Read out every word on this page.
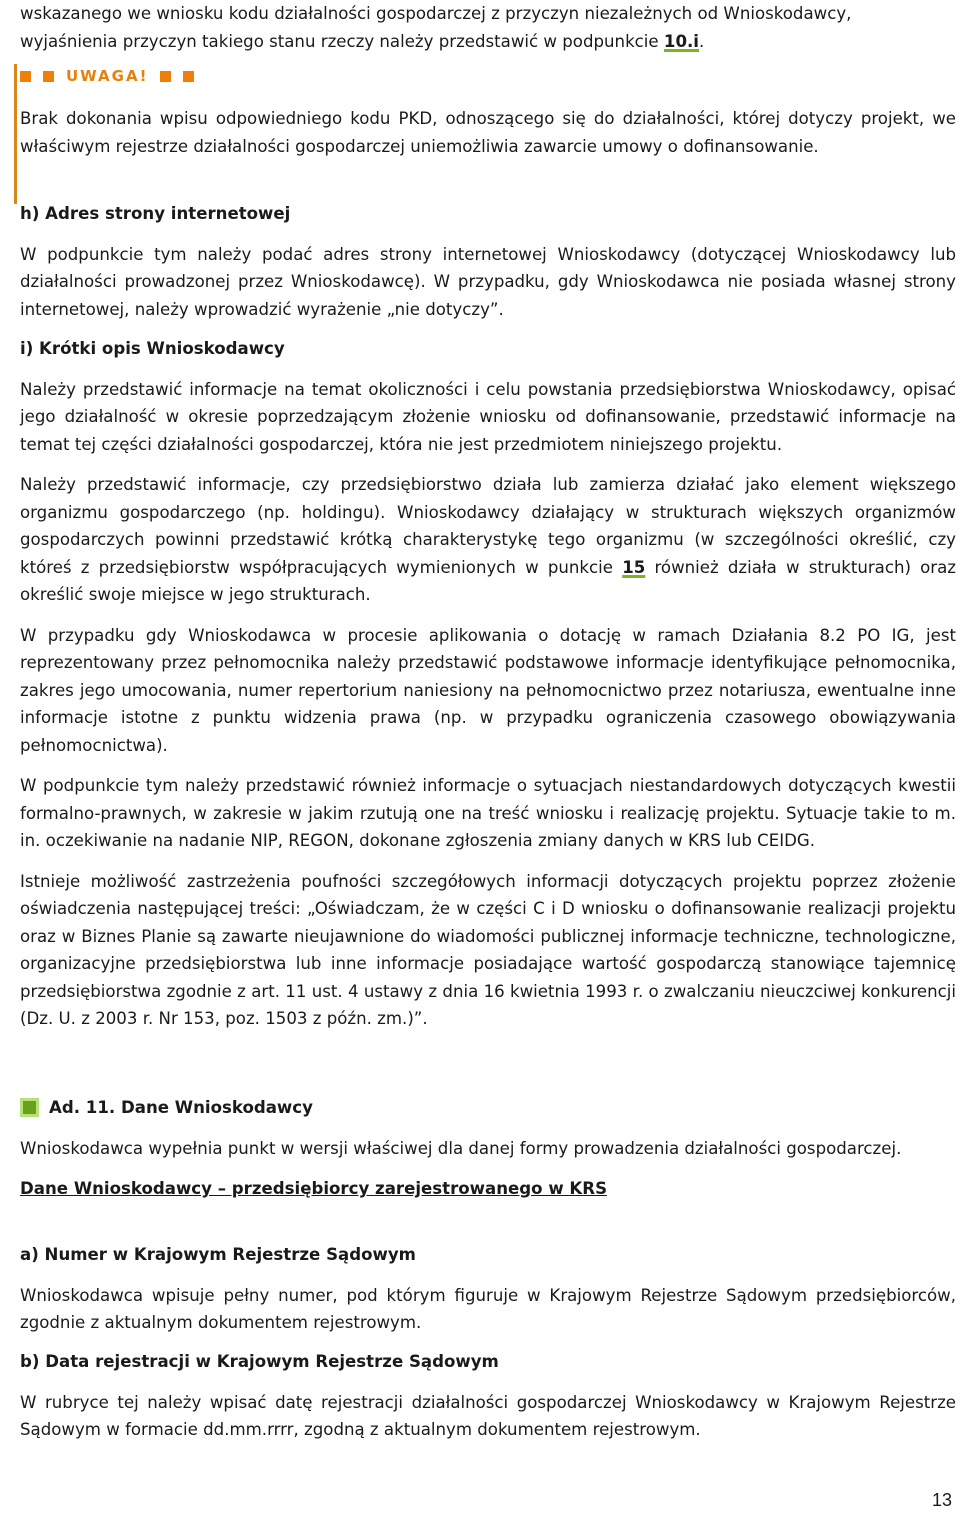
wskazanego we wniosku kodu działalności gospodarczej z przyczyn niezależnych od Wnioskodawcy,

wyjaśnienia przyczyn takiego stanu rzeczy należy przedstawić w podpunkcie 10.i.

UWAGA!

Brak dokonania wpisu odpowiedniego kodu PKD, odnoszącego się do działalności, której dotyczy projekt, we właściwym rejestrze działalności gospodarczej uniemożliwia zawarcie umowy o dofinansowanie.

h) Adres strony internetowej

W podpunkcie tym należy podać adres strony internetowej Wnioskodawcy (dotyczącej Wnioskodawcy lub działalności prowadzonej przez Wnioskodawcę). W przypadku, gdy Wnioskodawca nie posiada własnej strony internetowej, należy wprowadzić wyrażenie „nie dotyczy”.

i) Krótki opis Wnioskodawcy

Należy przedstawić informacje na temat okoliczności i celu powstania przedsiębiorstwa Wnioskodawcy, opisać jego działalność w okresie poprzedzającym złożenie wniosku od dofinansowanie, przedstawić informacje na temat tej części działalności gospodarczej, która nie jest przedmiotem niniejszego projektu.

Należy przedstawić informacje, czy przedsiębiorstwo działa lub zamierza działać jako element większego organizmu gospodarczego (np. holdingu). Wnioskodawcy działający w strukturach większych organizmów gospodarczych powinni przedstawić krótką charakterystykę tego organizmu (w szczególności określić, czy któreś z przedsiębiorstw współpracujących wymienionych w punkcie 15 również działa w strukturach) oraz określić swoje miejsce w jego strukturach.

W przypadku gdy Wnioskodawca w procesie aplikowania o dotację w ramach Działania 8.2 PO IG, jest reprezentowany przez pełnomocnika należy przedstawić podstawowe informacje identyfikujące pełnomocnika, zakres jego umocowania, numer repertorium naniesiony na pełnomocnictwo przez notariusza, ewentualne inne informacje istotne z punktu widzenia prawa (np. w przypadku ograniczenia czasowego obowiązywania pełnomocnictwa).

W podpunkcie tym należy przedstawić również informacje o sytuacjach niestandardowych dotyczących kwestii formalno-prawnych, w zakresie w jakim rzutują one na treść wniosku i realizację projektu. Sytuacje takie to m. in. oczekiwanie na nadanie NIP, REGON, dokonane zgłoszenia zmiany danych w KRS lub CEIDG.

Istnieje możliwość zastrzeżenia poufności szczegółowych informacji dotyczących projektu poprzez złożenie oświadczenia następującej treści: „Oświadczam, że w części C i D wniosku o dofinansowanie realizacji projektu oraz w Biznes Planie są zawarte nieujawnione do wiadomości publicznej informacje techniczne, technologiczne, organizacyjne przedsiębiorstwa lub inne informacje posiadające wartość gospodarczą stanowiące tajemnicę przedsiębiorstwa zgodnie z art. 11 ust. 4 ustawy z dnia 16 kwietnia 1993 r. o zwalczaniu nieuczciwej konkurencji (Dz. U. z 2003 r. Nr 153, poz. 1503 z późn. zm.)”.

Ad. 11. Dane Wnioskodawcy

Wnioskodawca wypełnia punkt w wersji właściwej dla danej formy prowadzenia działalności gospodarczej.

Dane Wnioskodawcy – przedsiębiorcy zarejestrowanego w KRS

a) Numer w Krajowym Rejestrze Sądowym

Wnioskodawca wpisuje pełny numer, pod którym figuruje w Krajowym Rejestrze Sądowym przedsiębiorców, zgodnie z aktualnym dokumentem rejestrowym.

b) Data rejestracji w Krajowym Rejestrze Sądowym

W rubryce tej należy wpisać datę rejestracji działalności gospodarczej Wnioskodawcy w Krajowym Rejestrze Sądowym w formacie dd.mm.rrrr, zgodną z aktualnym dokumentem rejestrowym.

13
